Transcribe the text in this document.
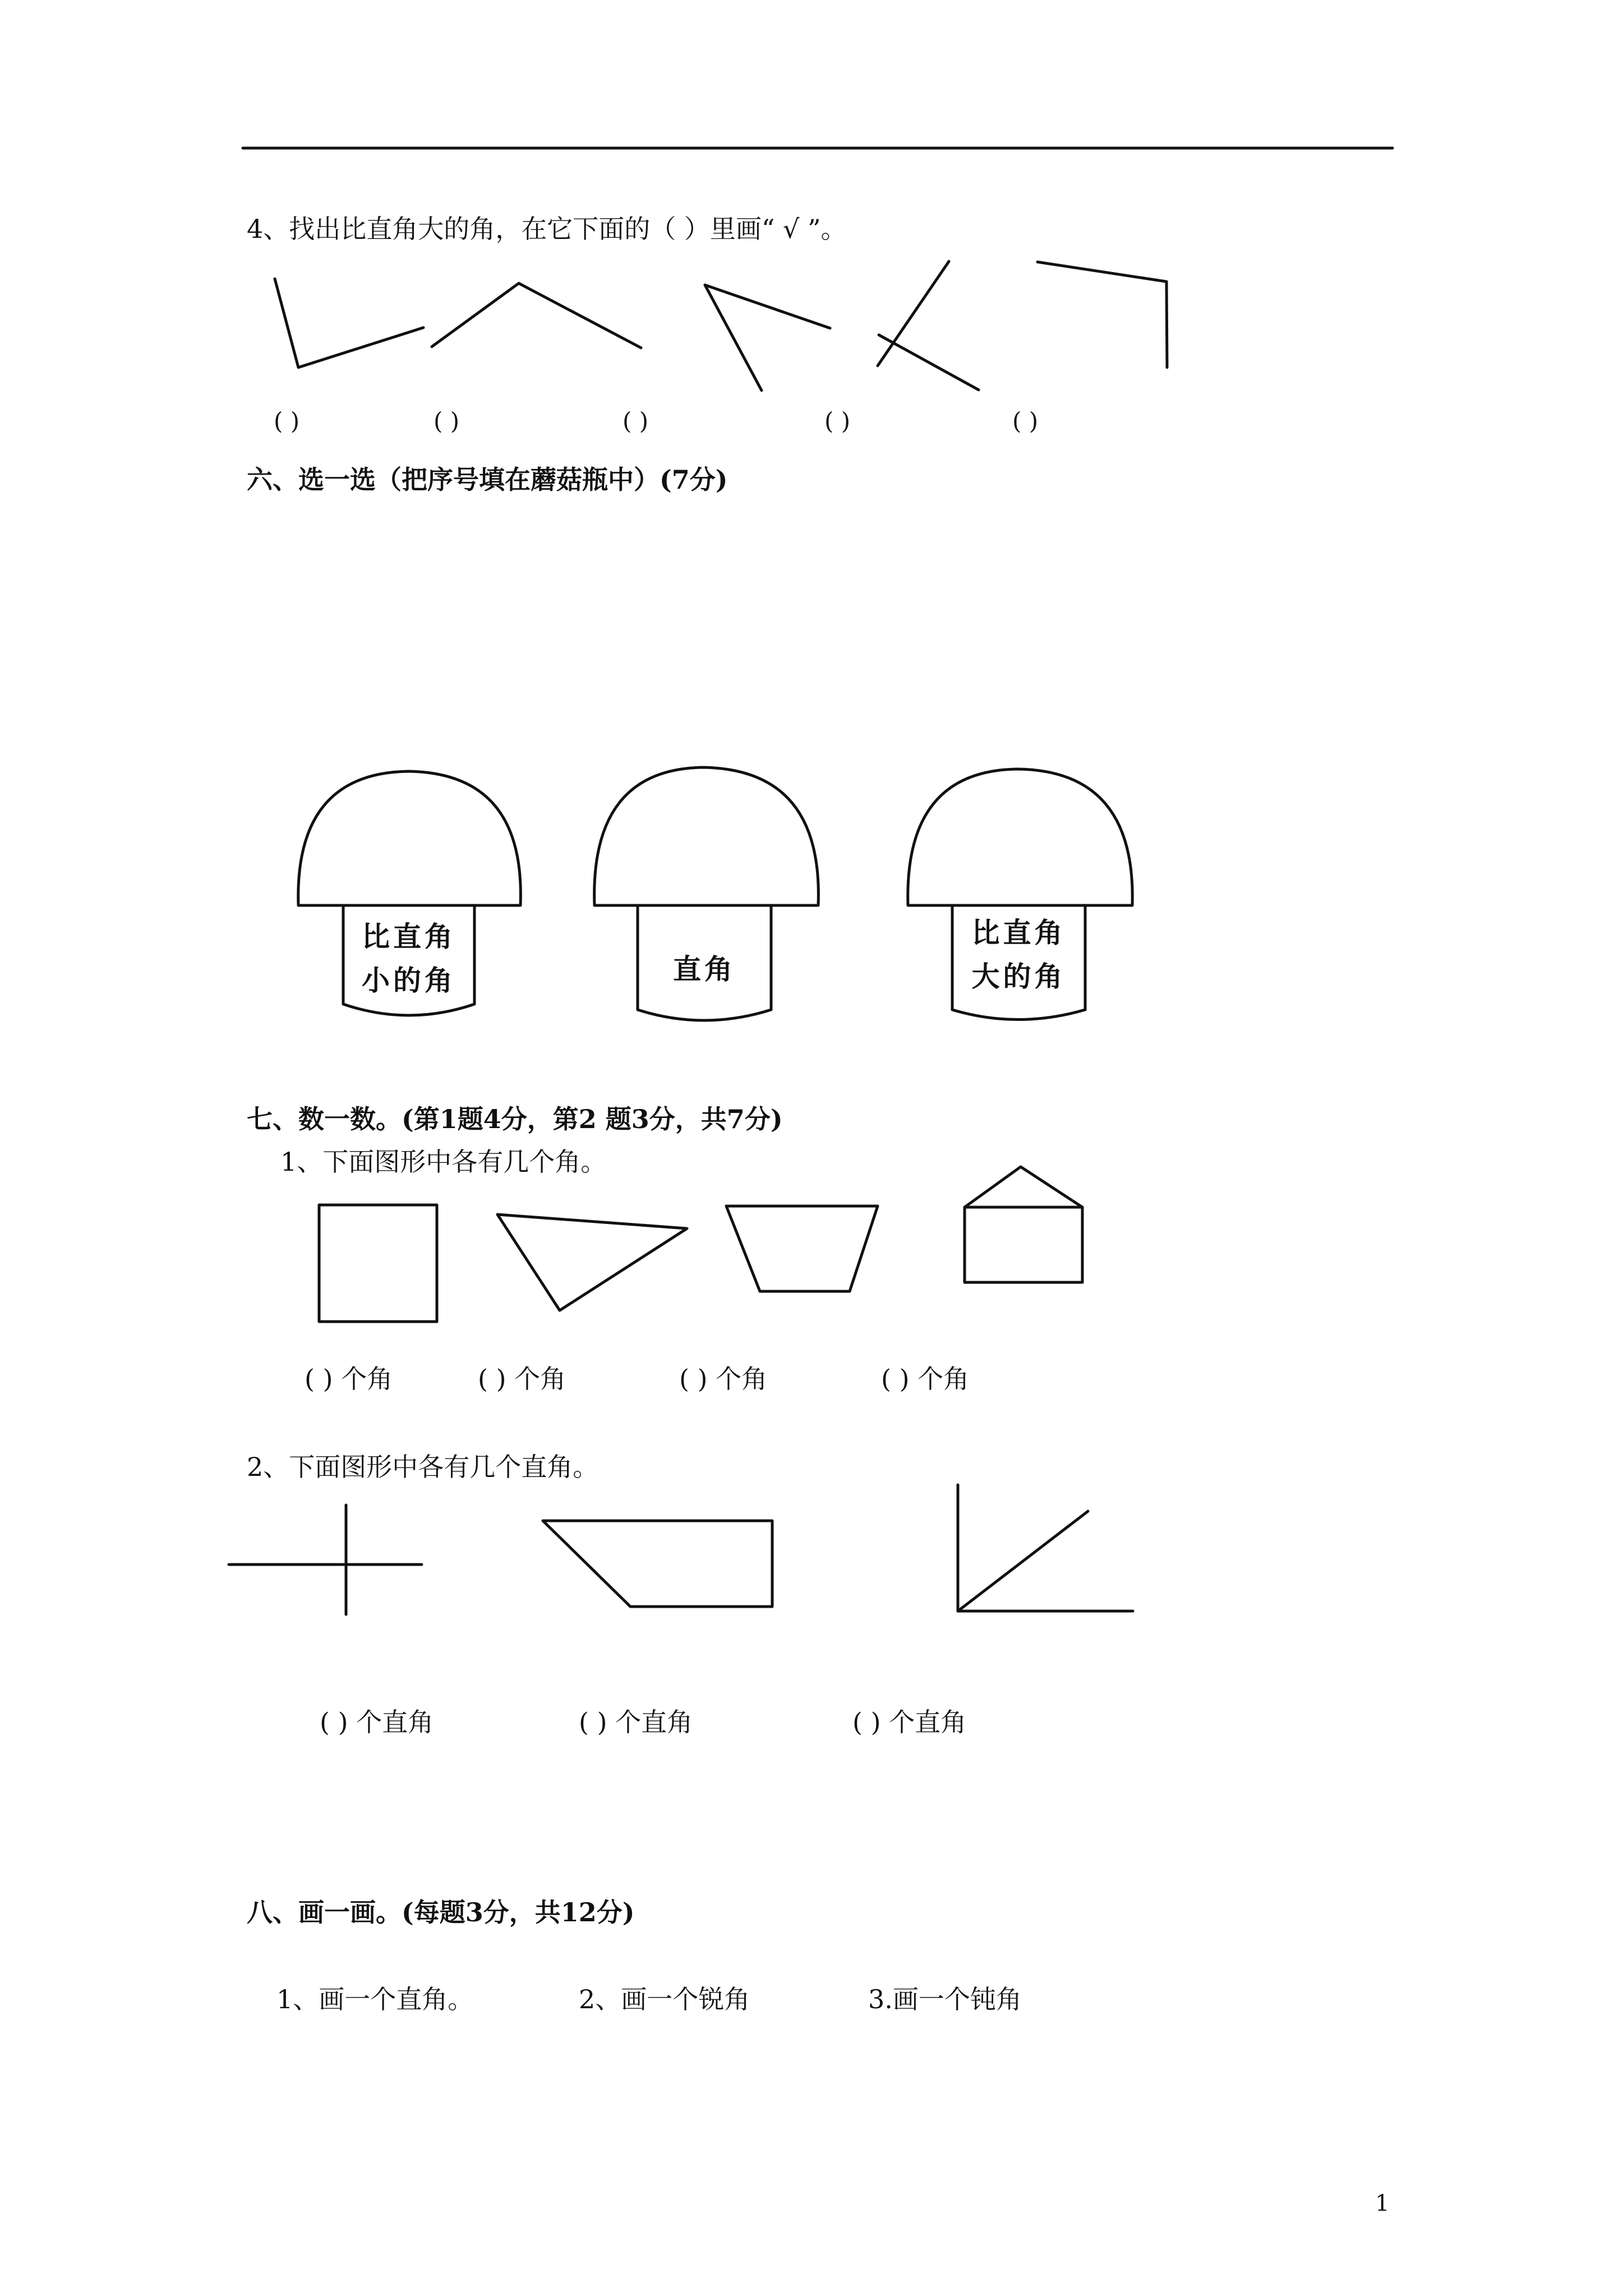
4、找出比直角大的角，在它下面的（ ）里画“ √ ”。
( )	( )	( )	( )	( )
六、选一选（把序号填在蘑菇瓶中）(7分)
比直角
小的角	直角
比直角
大的角
七、数一数。(第1题4分，第2 题3分，共7分)
1、下面图形中各有几个角。
( ) 个角	( ) 个角	( ) 个角	( ) 个角
2、下面图形中各有几个直角。
( ) 个直角	( ) 个直角	( ) 个直角
八、画一画。(每题3分，共12分)
1、画一个直角。	2、画一个锐角	3.画一个钝角
1
